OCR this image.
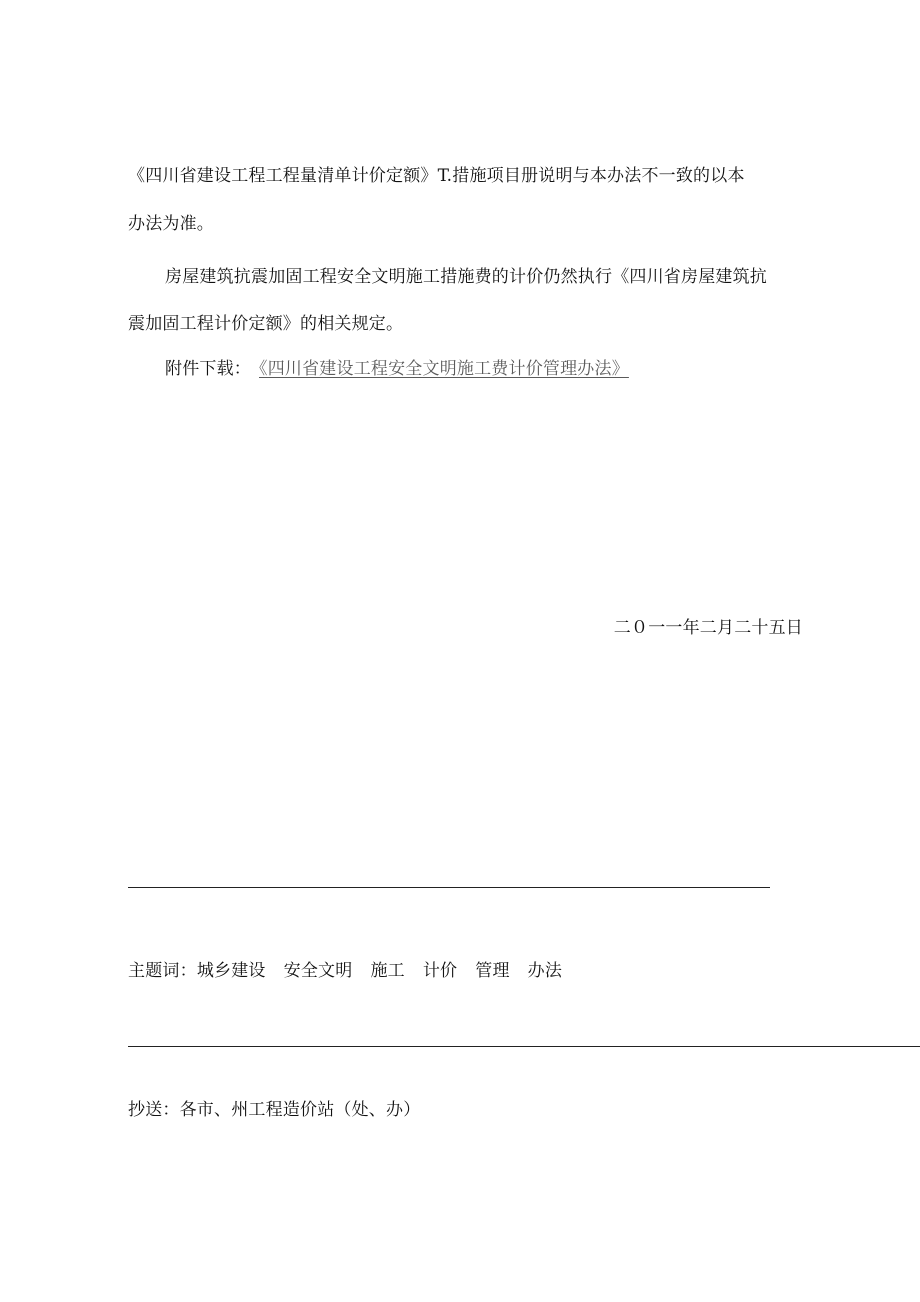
《四川省建设工程工程量清单计价定额》T.措施项目册说明与本办法不一致的以本
办法为准。
房屋建筑抗震加固工程安全文明施工措施费的计价仍然执行《四川省房屋建筑抗
震加固工程计价定额》的相关规定。
附件下载： 《四川省建设工程安全文明施工费计价管理办法》
二０一一年二月二十五日
主题词：城乡建设 安全文明 施工 计价 管理 办法
抄送：各市、州工程造价站（处、办）
